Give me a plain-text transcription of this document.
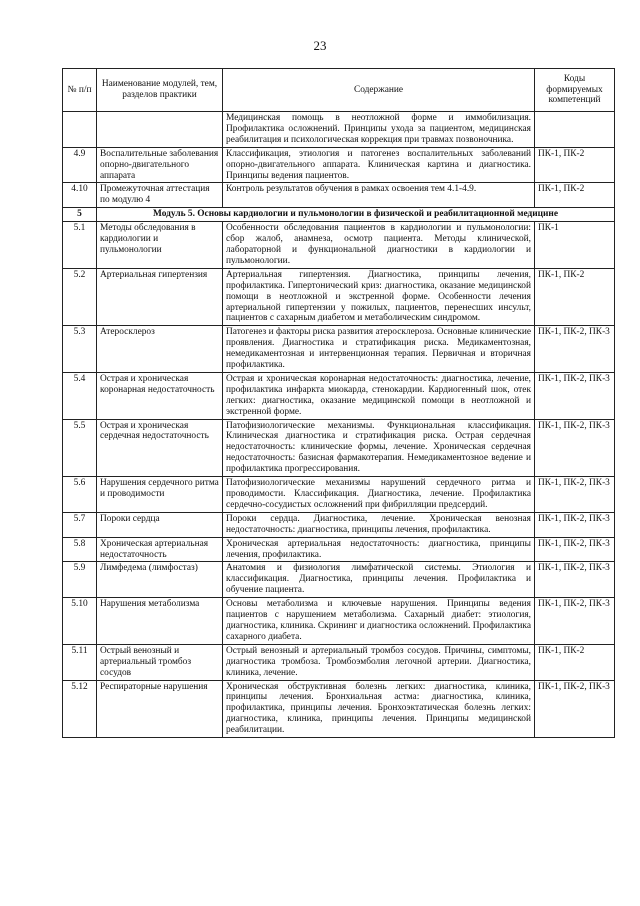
23
№ п/п	Наименование модулей, тем, разделов практики	Содержание	Коды формируемых компетенций
		Медицинская помощь в неотложной форме и иммобилизация. Профилактика осложнений. Принципы ухода за пациентом, медицинская реабилитация и психологическая коррекция при травмах позвоночника.	
4.9	Воспалительные заболевания опорно-двигательного аппарата	Классификация, этиология и патогенез воспалительных заболеваний опорно-двигательного аппарата. Клиническая картина и диагностика. Принципы ведения пациентов.	ПК-1, ПК-2
4.10	Промежуточная аттестация по модулю 4	Контроль результатов обучения в рамках освоения тем 4.1-4.9.	ПК-1, ПК-2
5	Модуль 5. Основы кардиологии и пульмонологии в физической и реабилитационной медицине		
5.1	Методы обследования в кардиологии и пульмонологии	Особенности обследования пациентов в кардиологии и пульмонологии: сбор жалоб, анамнеза, осмотр пациента. Методы клинической, лабораторной и функциональной диагностики в кардиологии и пульмонологии.	ПК-1
5.2	Артериальная гипертензия	Артериальная гипертензия. Диагностика, принципы лечения, профилактика. Гипертонический криз: диагностика, оказание медицинской помощи в неотложной и экстренной форме. Особенности лечения артериальной гипертензии у пожилых, пациентов, перенесших инсульт, пациентов с сахарным диабетом и метаболическим синдромом.	ПК-1, ПК-2
5.3	Атеросклероз	Патогенез и факторы риска развития атеросклероза. Основные клинические проявления. Диагностика и стратификация риска. Медикаментозная, немедикаментозная и интервенционная терапия. Первичная и вторичная профилактика.	ПК-1, ПК-2, ПК-3
5.4	Острая и хроническая коронарная недостаточность	Острая и хроническая коронарная недостаточность: диагностика, лечение, профилактика инфаркта миокарда, стенокардии. Кардиогенный шок, отек легких: диагностика, оказание медицинской помощи в неотложной и экстренной форме.	ПК-1, ПК-2, ПК-3
5.5	Острая и хроническая сердечная недостаточность	Патофизиологические механизмы. Функциональная классификация. Клиническая диагностика и стратификация риска. Острая сердечная недостаточность: клинические формы, лечение. Хроническая сердечная недостаточность: базисная фармакотерапия. Немедикаментозное ведение и профилактика прогрессирования.	ПК-1, ПК-2, ПК-3
5.6	Нарушения сердечного ритма и проводимости	Патофизиологические механизмы нарушений сердечного ритма и проводимости. Классификация. Диагностика, лечение. Профилактика сердечно-сосудистых осложнений при фибрилляции предсердий.	ПК-1, ПК-2, ПК-3
5.7	Пороки сердца	Пороки сердца. Диагностика, лечение. Хроническая венозная недостаточность: диагностика, принципы лечения, профилактика.	ПК-1, ПК-2, ПК-3
5.8	Хроническая артериальная недостаточность	Хроническая артериальная недостаточность: диагностика, принципы лечения, профилактика.	ПК-1, ПК-2, ПК-3
5.9	Лимфедема (лимфостаз)	Анатомия и физиология лимфатической системы. Этиология и классификация. Диагностика, принципы лечения. Профилактика и обучение пациента.	ПК-1, ПК-2, ПК-3
5.10	Нарушения метаболизма	Основы метаболизма и ключевые нарушения. Принципы ведения пациентов с нарушением метаболизма. Сахарный диабет: этиология, диагностика, клиника. Скрининг и диагностика осложнений. Профилактика сахарного диабета.	ПК-1, ПК-2, ПК-3
5.11	Острый венозный и артериальный тромбоз сосудов	Острый венозный и артериальный тромбоз сосудов. Причины, симптомы, диагностика тромбоза. Тромбоэмболия легочной артерии. Диагностика, клиника, лечение.	ПК-1, ПК-2
5.12	Респираторные нарушения	Хроническая обструктивная болезнь легких: диагностика, клиника, принципы лечения. Бронхиальная астма: диагностика, клиника, профилактика, принципы лечения. Бронхоэктатическая болезнь легких: диагностика, клиника, принципы лечения. Принципы медицинской реабилитации.	ПК-1, ПК-2, ПК-3
